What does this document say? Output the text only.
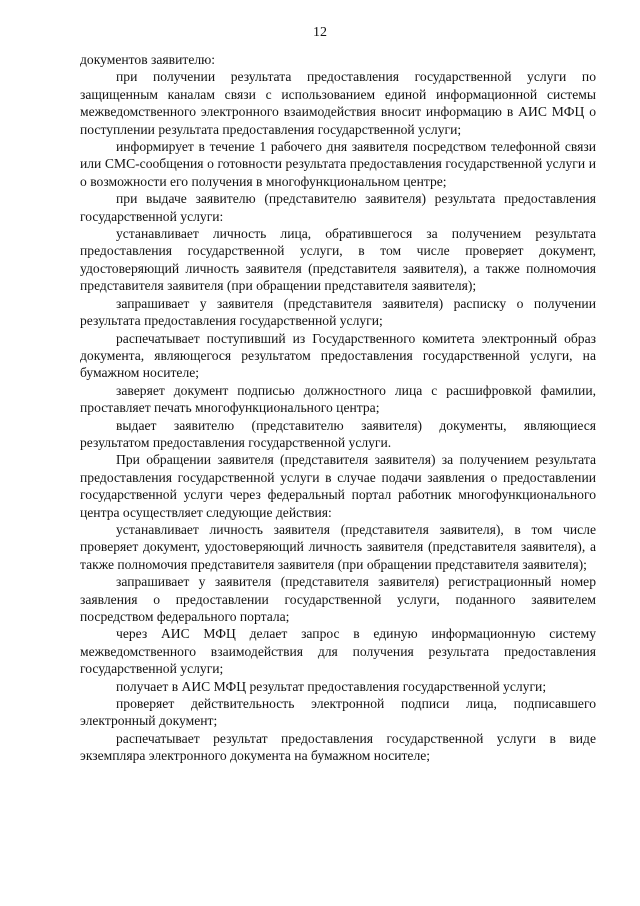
12

документов заявителю:

при получении результата предоставления государственной услуги по защищенным каналам связи с использованием единой информационной системы межведомственного электронного взаимодействия вносит информацию в АИС МФЦ о поступлении результата предоставления государственной услуги;

информирует в течение 1 рабочего дня заявителя посредством телефонной связи или СМС-сообщения о готовности результата предоставления государственной услуги и о возможности его получения в многофункциональном центре;

при выдаче заявителю (представителю заявителя) результата предоставления государственной услуги:

устанавливает личность лица, обратившегося за получением результата предоставления государственной услуги, в том числе проверяет документ, удостоверяющий личность заявителя (представителя заявителя), а также полномочия представителя заявителя (при обращении представителя заявителя);

запрашивает у заявителя (представителя заявителя) расписку о получении результата предоставления государственной услуги;

распечатывает поступивший из Государственного комитета электронный образ документа, являющегося результатом предоставления государственной услуги, на бумажном носителе;

заверяет документ подписью должностного лица с расшифровкой фамилии, проставляет печать многофункционального центра;

выдает заявителю (представителю заявителя) документы, являющиеся результатом предоставления государственной услуги.

При обращении заявителя (представителя заявителя) за получением результата предоставления государственной услуги в случае подачи заявления о предоставлении государственной услуги через федеральный портал работник многофункционального центра осуществляет следующие действия:

устанавливает личность заявителя (представителя заявителя), в том числе проверяет документ, удостоверяющий личность заявителя (представителя заявителя), а также полномочия представителя заявителя (при обращении представителя заявителя);

запрашивает у заявителя (представителя заявителя) регистрационный номер заявления о предоставлении государственной услуги, поданного заявителем посредством федерального портала;

через АИС МФЦ делает запрос в единую информационную систему межведомственного взаимодействия для получения результата предоставления государственной услуги;

получает в АИС МФЦ результат предоставления государственной услуги;

проверяет действительность электронной подписи лица, подписавшего электронный документ;

распечатывает результат предоставления государственной услуги в виде экземпляра электронного документа на бумажном носителе;
